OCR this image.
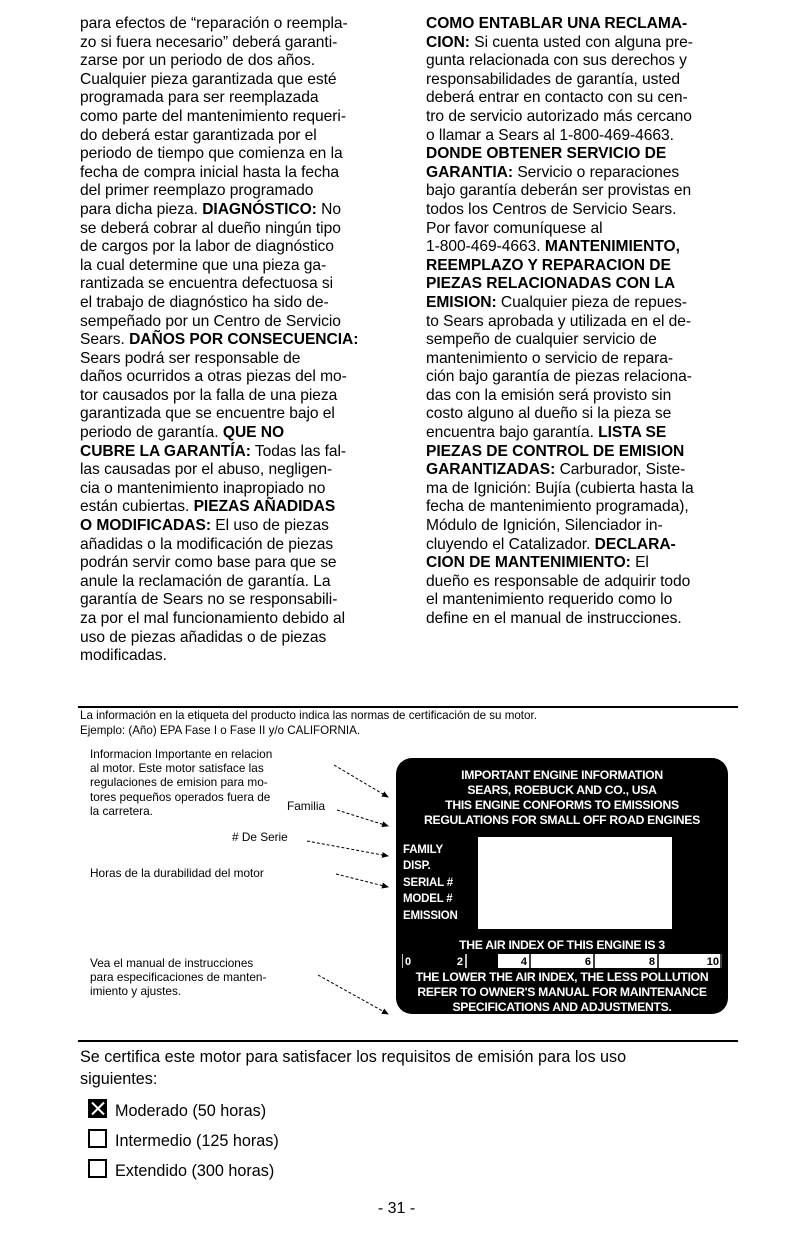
para efectos de “reparación o reempla-
zo si fuera necesario” deberá garanti-
zarse por un periodo de dos años.
Cualquier pieza garantizada que esté
programada para ser reemplazada
como parte del mantenimiento requeri-
do deberá estar garantizada por el
periodo de tiempo que comienza en la
fecha de compra inicial hasta la fecha
del primer reemplazo programado
para dicha pieza. DIAGNÓSTICO: No
se deberá cobrar al dueño ningún tipo
de cargos por la labor de diagnóstico
la cual determine que una pieza ga-
rantizada se encuentra defectuosa si
el trabajo de diagnóstico ha sido de-
sempeñado por un Centro de Servicio
Sears. DAÑOS POR CONSECUENCIA:
Sears podrá ser responsable de
daños ocurridos a otras piezas del mo-
tor causados por la falla de una pieza
garantizada que se encuentre bajo el
periodo de garantía. QUE NO
CUBRE LA GARANTÍA: Todas las fal-
las causadas por el abuso, negligen-
cia o mantenimiento inapropiado no
están cubiertas. PIEZAS AÑADIDAS
O MODIFICADAS: El uso de piezas
añadidas o la modificación de piezas
podrán servir como base para que se
anule la reclamación de garantía. La
garantía de Sears no se responsabili-
za por el mal funcionamiento debido al
uso de piezas añadidas o de piezas
modificadas.
COMO ENTABLAR UNA RECLAMA-
CION: Si cuenta usted con alguna pre-
gunta relacionada con sus derechos y
responsabilidades de garantía, usted
deberá entrar en contacto con su cen-
tro de servicio autorizado más cercano
o llamar a Sears al 1-800-469-4663.
DONDE OBTENER SERVICIO DE
GARANTIA: Servicio o reparaciones
bajo garantía deberán ser provistas en
todos los Centros de Servicio Sears.
Por favor comuníquese al
1-800-469-4663. MANTENIMIENTO,
REEMPLAZO Y REPARACION DE
PIEZAS RELACIONADAS CON LA
EMISION: Cualquier pieza de repues-
to Sears aprobada y utilizada en el de-
sempeño de cualquier servicio de
mantenimiento o servicio de repara-
ción bajo garantía de piezas relaciona-
das con la emisión será provisto sin
costo alguno al dueño si la pieza se
encuentra bajo garantía. LISTA SE
PIEZAS DE CONTROL DE EMISION
GARANTIZADAS: Carburador, Siste-
ma de Ignición: Bujía (cubierta hasta la
fecha de mantenimiento programada),
Módulo de Ignición, Silenciador in-
cluyendo el Catalizador. DECLARA-
CION DE MANTENIMIENTO: El
dueño es responsable de adquirir todo
el mantenimiento requerido como lo
define en el manual de instrucciones.
La información en la etiqueta del producto indica las normas de certificación de su motor.
Ejemplo: (Año) EPA Fase I o Fase II y/o CALIFORNIA.
Informacion Importante en relacion
al motor. Este motor satisface las
regulaciones de emision para mo-
tores pequeños operados fuera de
la carretera.	Familia
# De Serie
Horas de la durabilidad del motor
Vea el manual de instrucciones
para especificaciones de manten-
imiento y ajustes.
IMPORTANT ENGINE INFORMATION
SEARS, ROEBUCK AND CO., USA
THIS ENGINE CONFORMS TO EMISSIONS
REGULATIONS FOR SMALL OFF ROAD ENGINES
FAMILY
DISP.
SERIAL #
MODEL #
EMISSION
THE AIR INDEX OF THIS ENGINE IS 3
0	2	4	6	8	10
THE LOWER THE AIR INDEX, THE LESS POLLUTION
REFER TO OWNER'S MANUAL FOR MAINTENANCE
SPECIFICATIONS AND ADJUSTMENTS.
Se certifica este motor para satisfacer los requisitos de emisión para los uso
siguientes:
Moderado (50 horas)
Intermedio (125 horas)
Extendido (300 horas)
- 31 -
